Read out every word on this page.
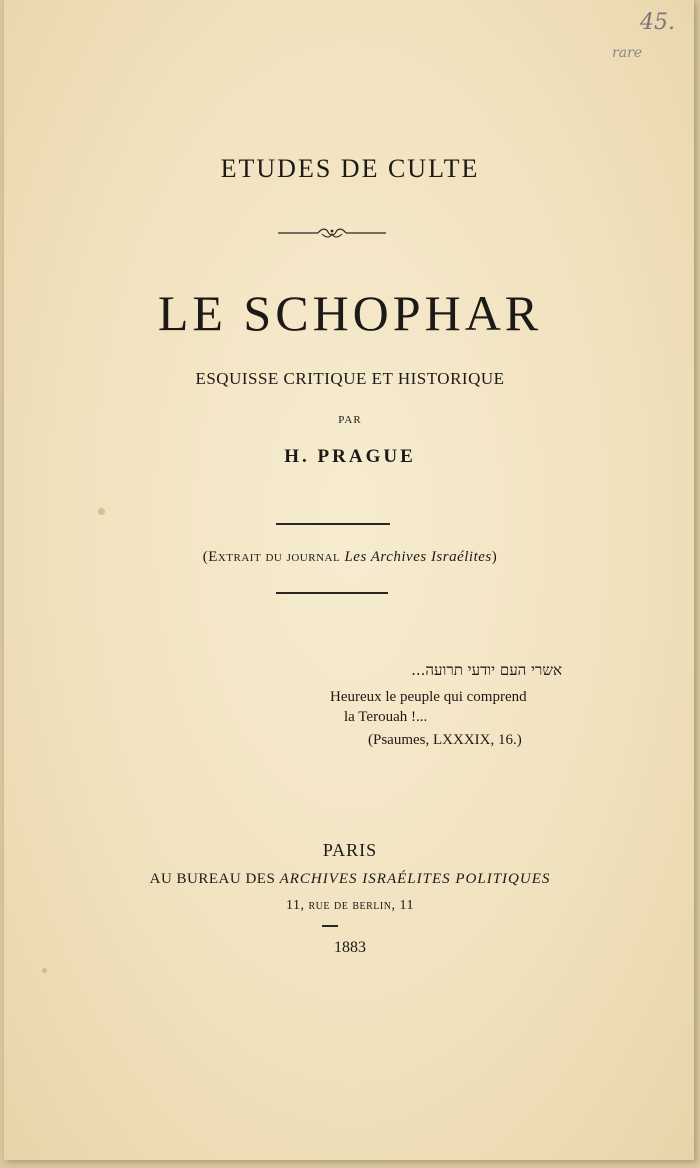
45.
rare
ETUDES DE CULTE
LE SCHOPHAR
ESQUISSE CRITIQUE ET HISTORIQUE
PAR
H. PRAGUE
(Extrait du journal Les Archives Israélites)
אשרי העם יודעי תרועה...
Heureux le peuple qui comprend
la Terouah !...
(Psaumes, LXXXIX, 16.)
PARIS
AU BUREAU DES ARCHIVES ISRAÉLITES POLITIQUES
11, rue de berlin, 11
1883
